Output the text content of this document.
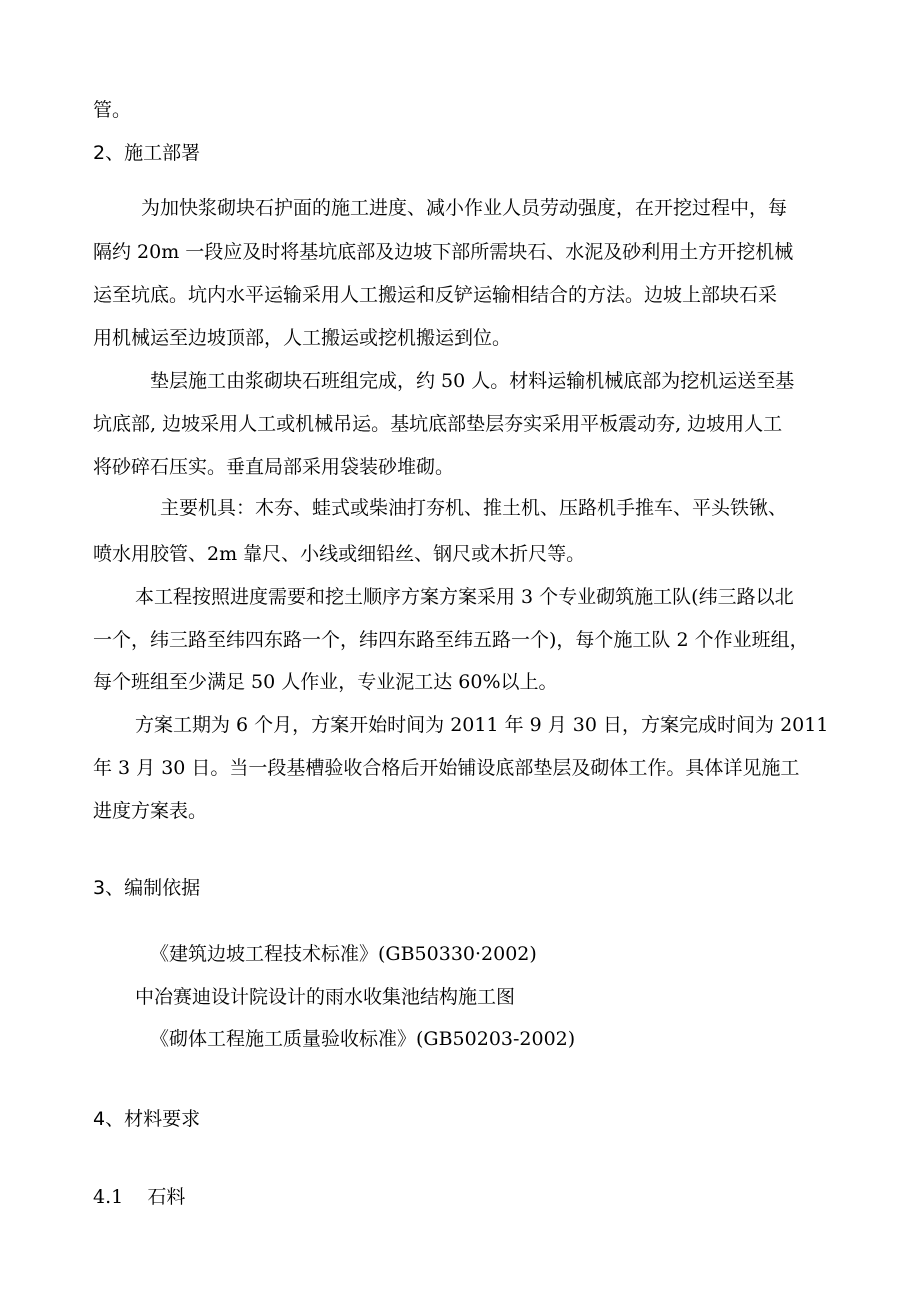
管。
2、施工部署
为加快浆砌块石护面的施工进度、减小作业人员劳动强度，在开挖过程中，每
隔约 20m 一段应及时将基坑底部及边坡下部所需块石、水泥及砂利用土方开挖机械
运至坑底。坑内水平运输采用人工搬运和反铲运输相结合的方法。边坡上部块石采
用机械运至边坡顶部，人工搬运或挖机搬运到位。
垫层施工由浆砌块石班组完成，约 50 人。材料运输机械底部为挖机运送至基
坑底部, 边坡采用人工或机械吊运。基坑底部垫层夯实采用平板震动夯, 边坡用人工
将砂碎石压实。垂直局部采用袋装砂堆砌。
主要机具：木夯、蛙式或柴油打夯机、推土机、压路机手推车、平头铁锹、
喷水用胶管、2m 靠尺、小线或细铅丝、钢尺或木折尺等。
本工程按照进度需要和挖土顺序方案方案采用 3 个专业砌筑施工队(纬三路以北
一个，纬三路至纬四东路一个，纬四东路至纬五路一个)，每个施工队 2 个作业班组，
每个班组至少满足 50 人作业，专业泥工达 60%以上。
方案工期为 6 个月，方案开始时间为 2011 年 9 月 30 日，方案完成时间为 2011
年 3 月 30 日。当一段基槽验收合格后开始铺设底部垫层及砌体工作。具体详见施工
进度方案表。
3、编制依据
《建筑边坡工程技术标准》(GB50330·2002)
中冶赛迪设计院设计的雨水收集池结构施工图
《砌体工程施工质量验收标准》(GB50203-2002)
4、材料要求
4.1    石料
